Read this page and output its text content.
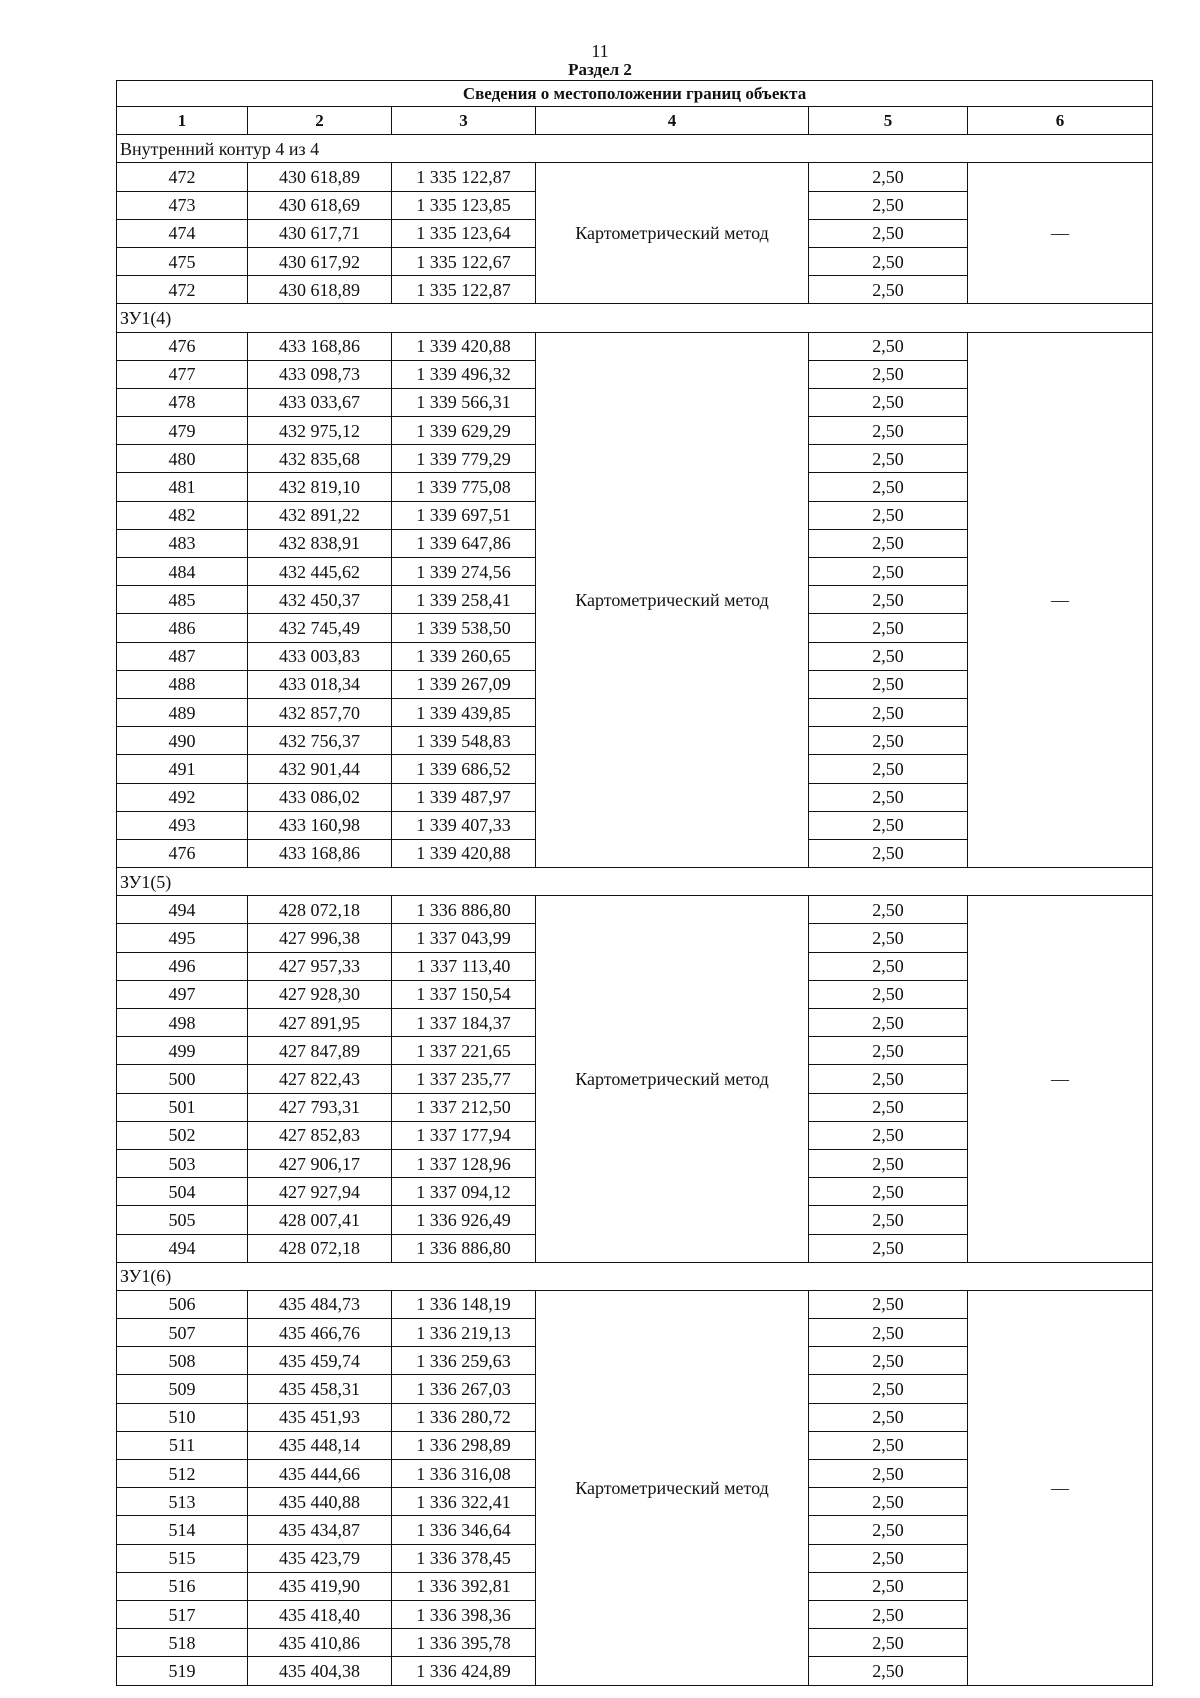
11
Раздел 2
Сведения о местоположении границ объекта					
1	2	3	4	5	6
Внутренний контур 4 из 4					
472	430 618,89	1 335 122,87	Картометрический метод	2,50	—
473	430 618,69	1 335 123,85		2,50	
474	430 617,71	1 335 123,64		2,50	
475	430 617,92	1 335 122,67		2,50	
472	430 618,89	1 335 122,87		2,50	
ЗУ1(4)					
476	433 168,86	1 339 420,88	Картометрический метод	2,50	—
477	433 098,73	1 339 496,32		2,50	
478	433 033,67	1 339 566,31		2,50	
479	432 975,12	1 339 629,29		2,50	
480	432 835,68	1 339 779,29		2,50	
481	432 819,10	1 339 775,08		2,50	
482	432 891,22	1 339 697,51		2,50	
483	432 838,91	1 339 647,86		2,50	
484	432 445,62	1 339 274,56		2,50	
485	432 450,37	1 339 258,41		2,50	
486	432 745,49	1 339 538,50		2,50	
487	433 003,83	1 339 260,65		2,50	
488	433 018,34	1 339 267,09		2,50	
489	432 857,70	1 339 439,85		2,50	
490	432 756,37	1 339 548,83		2,50	
491	432 901,44	1 339 686,52		2,50	
492	433 086,02	1 339 487,97		2,50	
493	433 160,98	1 339 407,33		2,50	
476	433 168,86	1 339 420,88		2,50	
ЗУ1(5)					
494	428 072,18	1 336 886,80	Картометрический метод	2,50	—
495	427 996,38	1 337 043,99		2,50	
496	427 957,33	1 337 113,40		2,50	
497	427 928,30	1 337 150,54		2,50	
498	427 891,95	1 337 184,37		2,50	
499	427 847,89	1 337 221,65		2,50	
500	427 822,43	1 337 235,77		2,50	
501	427 793,31	1 337 212,50		2,50	
502	427 852,83	1 337 177,94		2,50	
503	427 906,17	1 337 128,96		2,50	
504	427 927,94	1 337 094,12		2,50	
505	428 007,41	1 336 926,49		2,50	
494	428 072,18	1 336 886,80		2,50	
ЗУ1(6)					
506	435 484,73	1 336 148,19	Картометрический метод	2,50	—
507	435 466,76	1 336 219,13		2,50	
508	435 459,74	1 336 259,63		2,50	
509	435 458,31	1 336 267,03		2,50	
510	435 451,93	1 336 280,72		2,50	
511	435 448,14	1 336 298,89		2,50	
512	435 444,66	1 336 316,08		2,50	
513	435 440,88	1 336 322,41		2,50	
514	435 434,87	1 336 346,64		2,50	
515	435 423,79	1 336 378,45		2,50	
516	435 419,90	1 336 392,81		2,50	
517	435 418,40	1 336 398,36		2,50	
518	435 410,86	1 336 395,78		2,50	
519	435 404,38	1 336 424,89		2,50	
